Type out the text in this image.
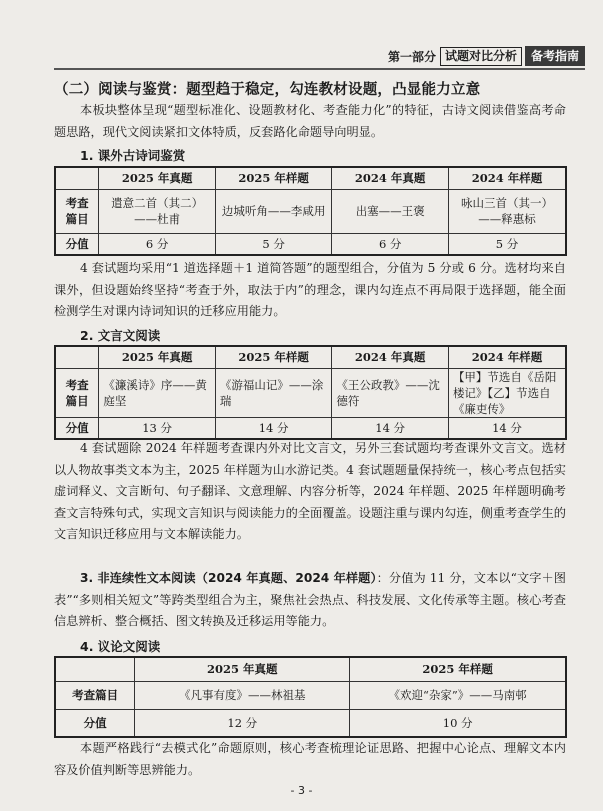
第一部分 试题对比分析	备考指南
（二）阅读与鉴赏：题型趋于稳定，勾连教材设题，凸显能力立意
本板块整体呈现“题型标准化、设题教材化、考查能力化”的特征，古诗文阅读借鉴高考命题思路，现代文阅读紧扣文体特质，反套路化命题导向明显。
1. 课外古诗词鉴赏
	2025 年真题	2025 年样题	2024 年真题	2024 年样题
考查篇目	遣意二首（其二）——杜甫	边城听角——李咸用	出塞——王褒	咏山三首（其一）——释惠标
分值	6 分	5 分	6 分	5 分
4 套试题均采用“1 道选择题＋1 道简答题”的题型组合，分值为 5 分或 6 分。选材均来自课外，但设题始终坚持“考查于外，取法于内”的理念，课内勾连点不再局限于选择题，能全面检测学生对课内诗词知识的迁移应用能力。
2. 文言文阅读
	2025 年真题	2025 年样题	2024 年真题	2024 年样题
考查篇目	《濂溪诗》序——黄庭坚	《游福山记》——涂瑞	《王公政教》——沈德符	【甲】节选自《岳阳楼记》【乙】节选自《廉吏传》
分值	13 分	14 分	14 分	14 分
4 套试题除 2024 年样题考查课内外对比文言文，另外三套试题均考查课外文言文。选材以人物故事类文本为主，2025 年样题为山水游记类。4 套试题题量保持统一，核心考点包括实虚词释义、文言断句、句子翻译、文意理解、内容分析等，2024 年样题、2025 年样题明确考查文言特殊句式，实现文言知识与阅读能力的全面覆盖。设题注重与课内勾连，侧重考查学生的文言知识迁移应用与文本解读能力。
3. 非连续性文本阅读（2024 年真题、2024 年样题）：分值为 11 分，文本以“文字＋图表”“多则相关短文”等跨类型组合为主，聚焦社会热点、科技发展、文化传承等主题。核心考查信息辨析、整合概括、图文转换及迁移运用等能力。
4. 议论文阅读
	2025 年真题	2025 年样题
考查篇目	《凡事有度》——林祖基	《欢迎“杂家”》——马南邨
分值	12 分	10 分
本题严格践行“去模式化”命题原则，核心考查梳理论证思路、把握中心论点、理解文本内容及价值判断等思辨能力。
- 3 -
